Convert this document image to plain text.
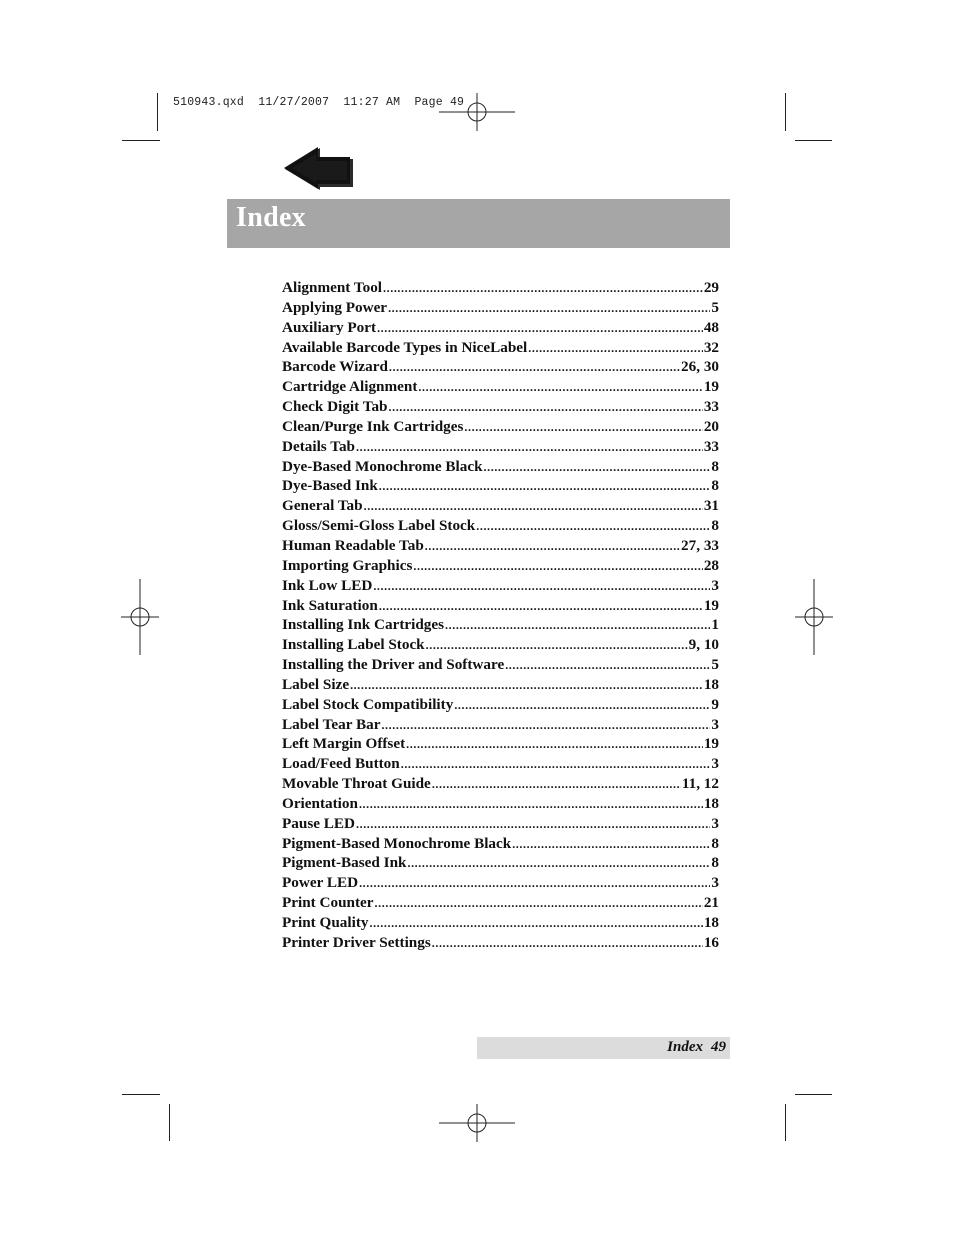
510943.qxd  11/27/2007  11:27 AM  Page 49
Index
Alignment Tool .....	29
Applying Power .....	5
Auxiliary Port .....	48
Available Barcode Types in NiceLabel .....	32
Barcode Wizard .....	26, 30
Cartridge Alignment .....	19
Check Digit Tab .....	33
Clean/Purge Ink Cartridges .....	20
Details Tab .....	33
Dye-Based Monochrome Black .....	8
Dye-Based Ink .....	8
General Tab .....	31
Gloss/Semi-Gloss Label Stock .....	8
Human Readable Tab .....	27, 33
Importing Graphics .....	28
Ink Low LED .....	3
Ink Saturation .....	19
Installing Ink Cartridges .....	1
Installing Label Stock .....	9, 10
Installing the Driver and Software .....	5
Label Size .....	18
Label Stock Compatibility .....	9
Label Tear Bar .....	3
Left Margin Offset .....	19
Load/Feed Button .....	3
Movable Throat Guide .....	11, 12
Orientation .....	18
Pause LED .....	3
Pigment-Based Monochrome Black .....	8
Pigment-Based Ink .....	8
Power LED .....	3
Print Counter .....	21
Print Quality .....	18
Printer Driver Settings .....	16
Index 49
